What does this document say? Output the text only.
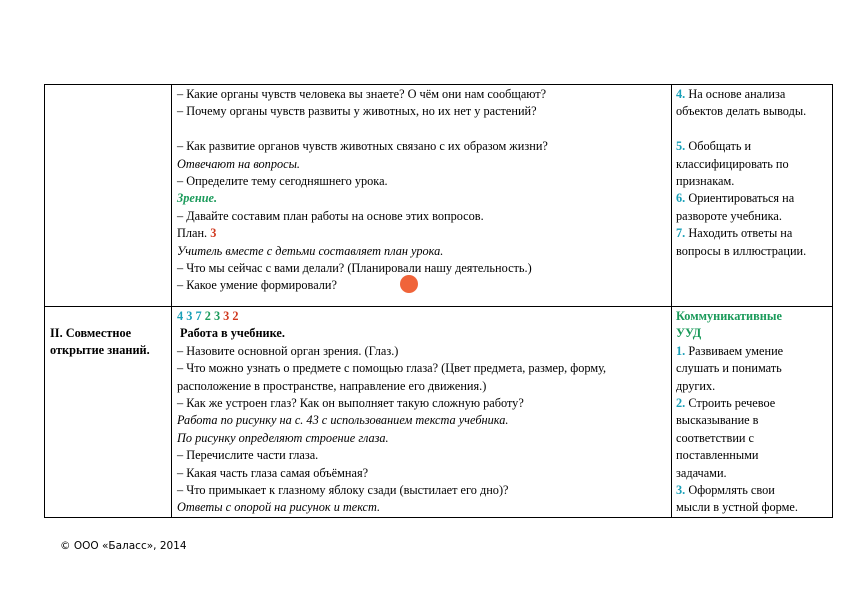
– Какие органы чувств человека вы знаете? О чём они нам сообщают?
– Почему органы чувств развиты у животных, но их нет у растений?
– Как развитие органов чувств животных связано с их образом жизни?
Отвечают на вопросы.
– Определите тему сегодняшнего урока.
Зрение.
– Давайте составим план работы на основе этих вопросов.
План. 3
Учитель вместе с детьми составляет план урока.
– Что мы сейчас с вами делали? (Планировали нашу деятельность.)
– Какое умение формировали?
4. На основе анализа
объектов делать выводы.
5. Обобщать и
классифицировать по
признакам.
6. Ориентироваться на
развороте учебника.
7. Находить ответы на
вопросы в иллюстрации.
II. Совместное
открытие знаний.
4 3 7 2 3 3 2
Работа в учебнике.
– Назовите основной орган зрения. (Глаз.)
– Что можно узнать о предмете с помощью глаза? (Цвет предмета, размер, форму,
расположение в пространстве, направление его движения.)
– Как же устроен глаз? Как он выполняет такую сложную работу?
Работа по рисунку на с. 43 с использованием текста учебника.
По рисунку определяют строение глаза.
– Перечислите части глаза.
– Какая часть глаза самая объёмная?
– Что примыкает к глазному яблоку сзади (выстилает его дно)?
Ответы с опорой на рисунок и текст.
Коммуникативные
УУД
1. Развиваем умение
слушать и понимать
других.
2. Строить речевое
высказывание в
соответствии с
поставленными
задачами.
3. Оформлять свои
мысли в устной форме.
© ООО «Баласс», 2014
